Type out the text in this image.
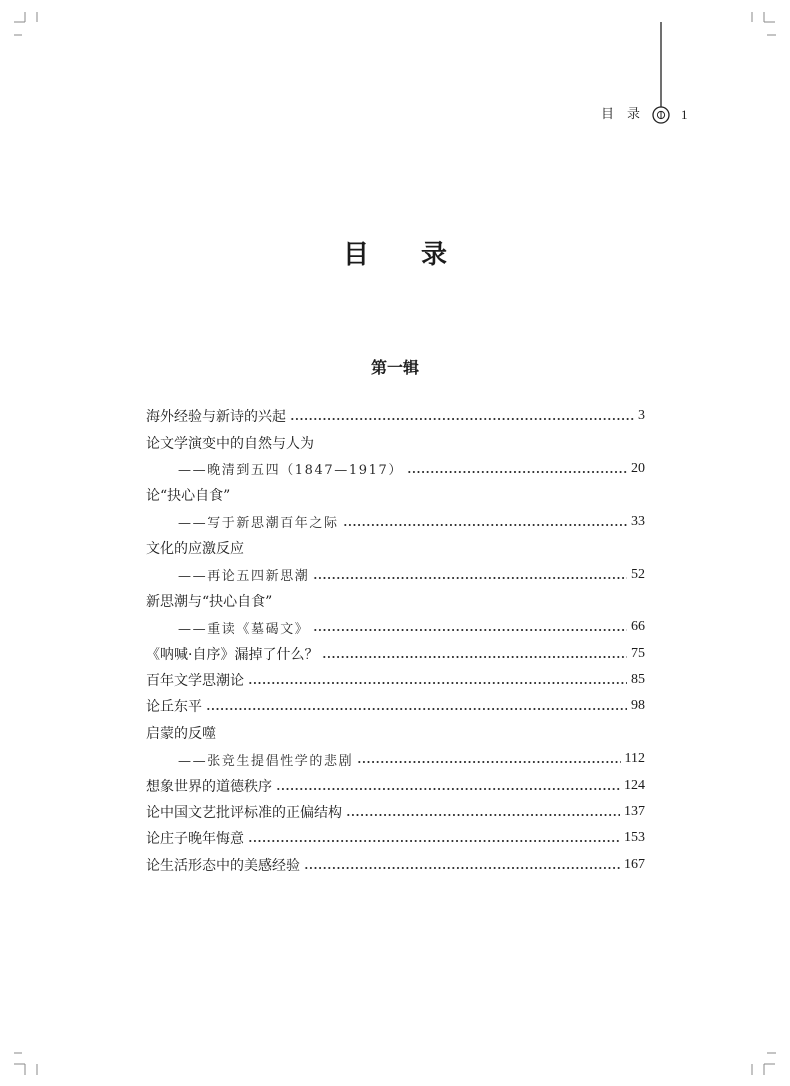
目　录	1
目　　录
第一辑
海外经验与新诗的兴起	3
论文学演变中的自然与人为
——晚清到五四（1847—1917）	20
论“抉心自食”
——写于新思潮百年之际	33
文化的应激反应
——再论五四新思潮	52
新思潮与“抉心自食”
——重读《墓碣文》	66
《呐喊·自序》漏掉了什么？	75
百年文学思潮论	85
论丘东平	98
启蒙的反噬
——张竞生提倡性学的悲剧	112
想象世界的道德秩序	124
论中国文艺批评标准的正偏结构	137
论庄子晚年悔意	153
论生活形态中的美感经验	167
